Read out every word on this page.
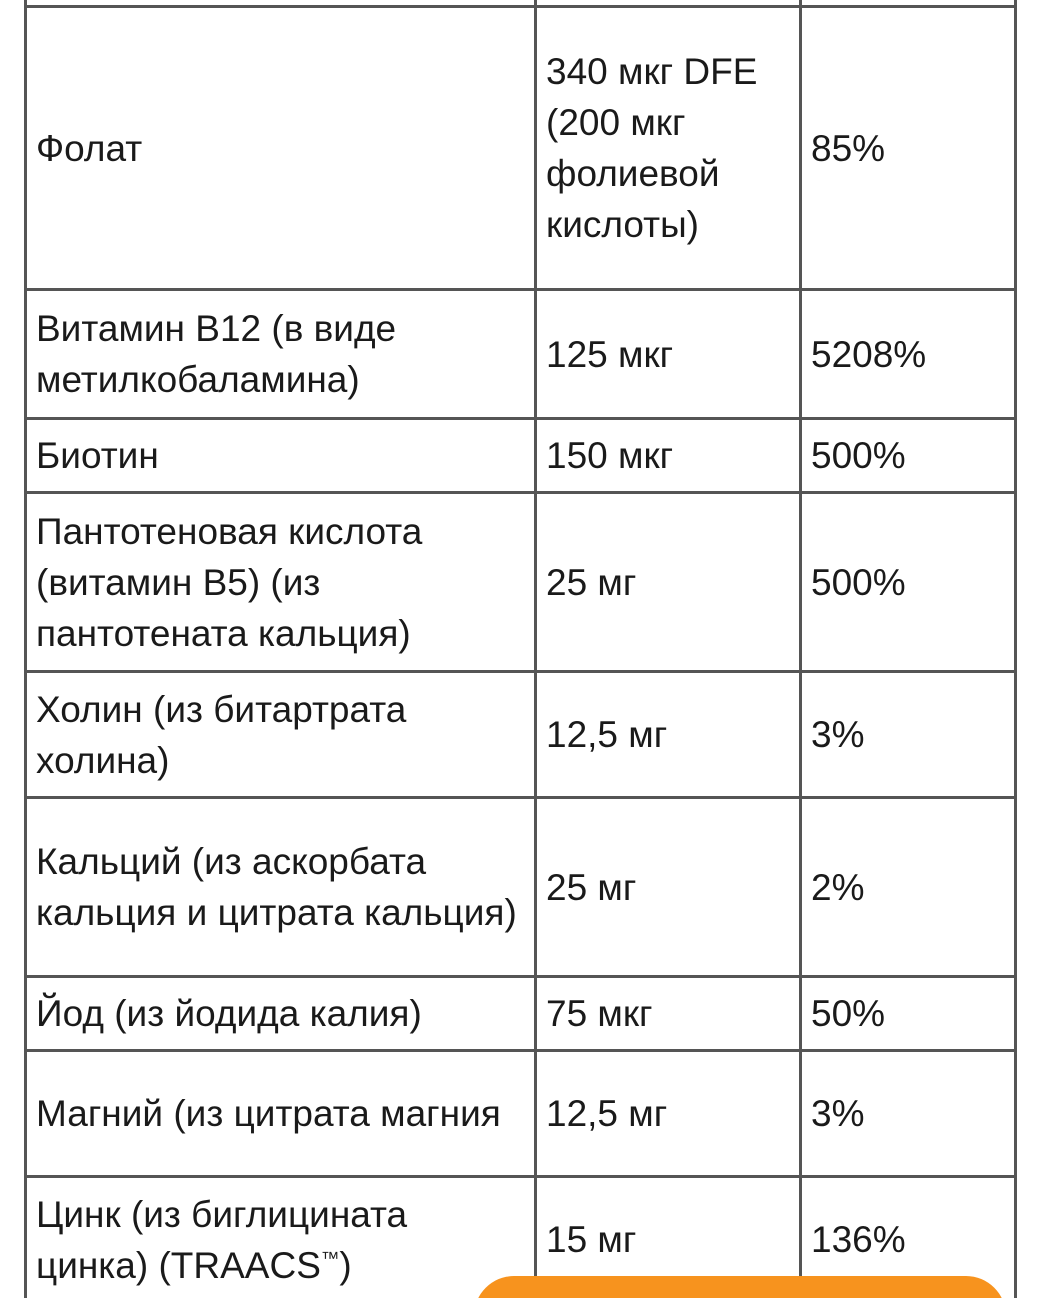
Фолат	340 мкг DFE (200 мкг фолиевой кислоты)	85%
Витамин B12 (в виде метилкобаламина)	125 мкг	5208%
Биотин	150 мкг	500%
Пантотеновая кислота (витамин B5) (из пантотената кальция)	25 мг	500%
Холин (из битартрата холина)	12,5 мг	3%
Кальций (из аскорбата кальция и цитрата кальция)	25 мг	2%
Йод (из йодида калия)	75 мкг	50%
Магний (из цитрата магния	12,5 мг	3%
Цинк (из биглицината цинка) (TRAACS™)	15 мг	136%
